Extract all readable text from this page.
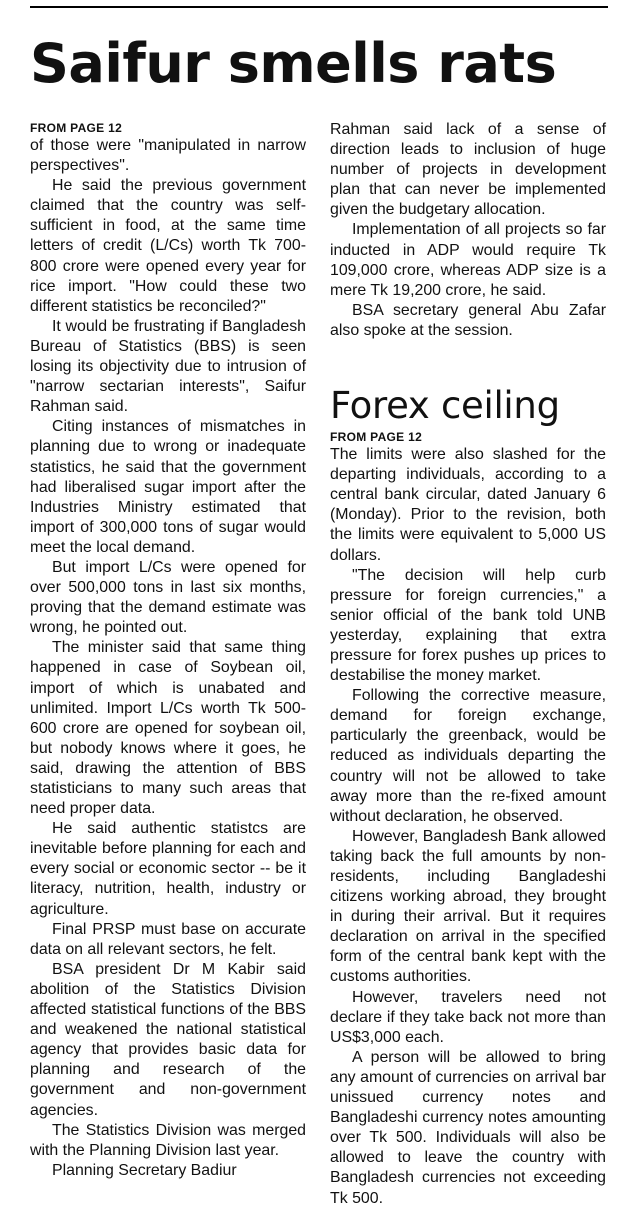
Saifur smells rats
FROM PAGE 12

of those were "manipulated in narrow perspectives".

He said the previous government claimed that the country was self-sufficient in food, at the same time letters of credit (L/Cs) worth Tk 700-800 crore were opened every year for rice import. "How could these two different statistics be reconciled?"

It would be frustrating if Bangladesh Bureau of Statistics (BBS) is seen losing its objectivity due to intrusion of "narrow sectarian interests", Saifur Rahman said.

Citing instances of mismatches in planning due to wrong or inadequate statistics, he said that the government had liberalised sugar import after the Industries Ministry estimated that import of 300,000 tons of sugar would meet the local demand.

But import L/Cs were opened for over 500,000 tons in last six months, proving that the demand estimate was wrong, he pointed out.

The minister said that same thing happened in case of Soybean oil, import of which is unabated and unlimited. Import L/Cs worth Tk 500-600 crore are opened for soybean oil, but nobody knows where it goes, he said, drawing the attention of BBS statisticians to many such areas that need proper data.

He said authentic statistcs are inevitable before planning for each and every social or economic sector -- be it literacy, nutrition, health, industry or agriculture.

Final PRSP must base on accurate data on all relevant sectors, he felt.

BSA president Dr M Kabir said abolition of the Statistics Division affected statistical functions of the BBS and weakened the national statistical agency that provides basic data for planning and research of the government and non-government agencies.

The Statistics Division was merged with the Planning Division last year.

Planning Secretary Badiur

Rahman said lack of a sense of direction leads to inclusion of huge number of projects in development plan that can never be implemented given the budgetary allocation.

Implementation of all projects so far inducted in ADP would require Tk 109,000 crore, whereas ADP size is a mere Tk 19,200 crore, he said.

BSA secretary general Abu Zafar also spoke at the session.

Forex ceiling
FROM PAGE 12

The limits were also slashed for the departing individuals, according to a central bank circular, dated January 6 (Monday). Prior to the revision, both the limits were equivalent to 5,000 US dollars.

"The decision will help curb pressure for foreign currencies," a senior official of the bank told UNB yesterday, explaining that extra pressure for forex pushes up prices to destabilise the money market.

Following the corrective measure, demand for foreign exchange, particularly the greenback, would be reduced as individuals departing the country will not be allowed to take away more than the re-fixed amount without declaration, he observed.

However, Bangladesh Bank allowed taking back the full amounts by non-residents, including Bangladeshi citizens working abroad, they brought in during their arrival. But it requires declaration on arrival in the specified form of the central bank kept with the customs authorities.

However, travelers need not declare if they take back not more than US$3,000 each.

A person will be allowed to bring any amount of currencies on arrival bar unissued currency notes and Bangladeshi currency notes amounting over Tk 500. Individuals will also be allowed to leave the country with Bangladesh currencies not exceeding Tk 500.
